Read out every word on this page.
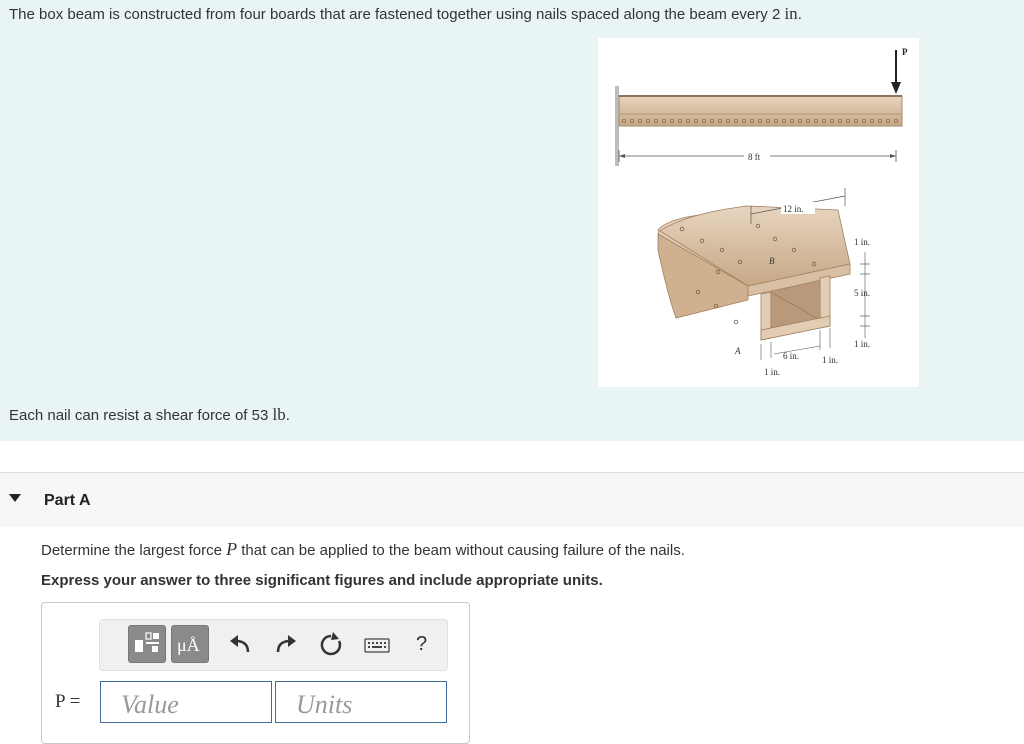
The box beam is constructed from four boards that are fastened together using nails spaced along the beam every 2 in.
P
8 ft
B
A
12 in.
1 in.
5 in.
1 in.
6 in.
1 in.
1 in.
Each nail can resist a shear force of 53 lb.
Part A
Determine the largest force P that can be applied to the beam without causing failure of the nails.
Express your answer to three significant figures and include appropriate units.
μÅ	?
P =
Value
Units
